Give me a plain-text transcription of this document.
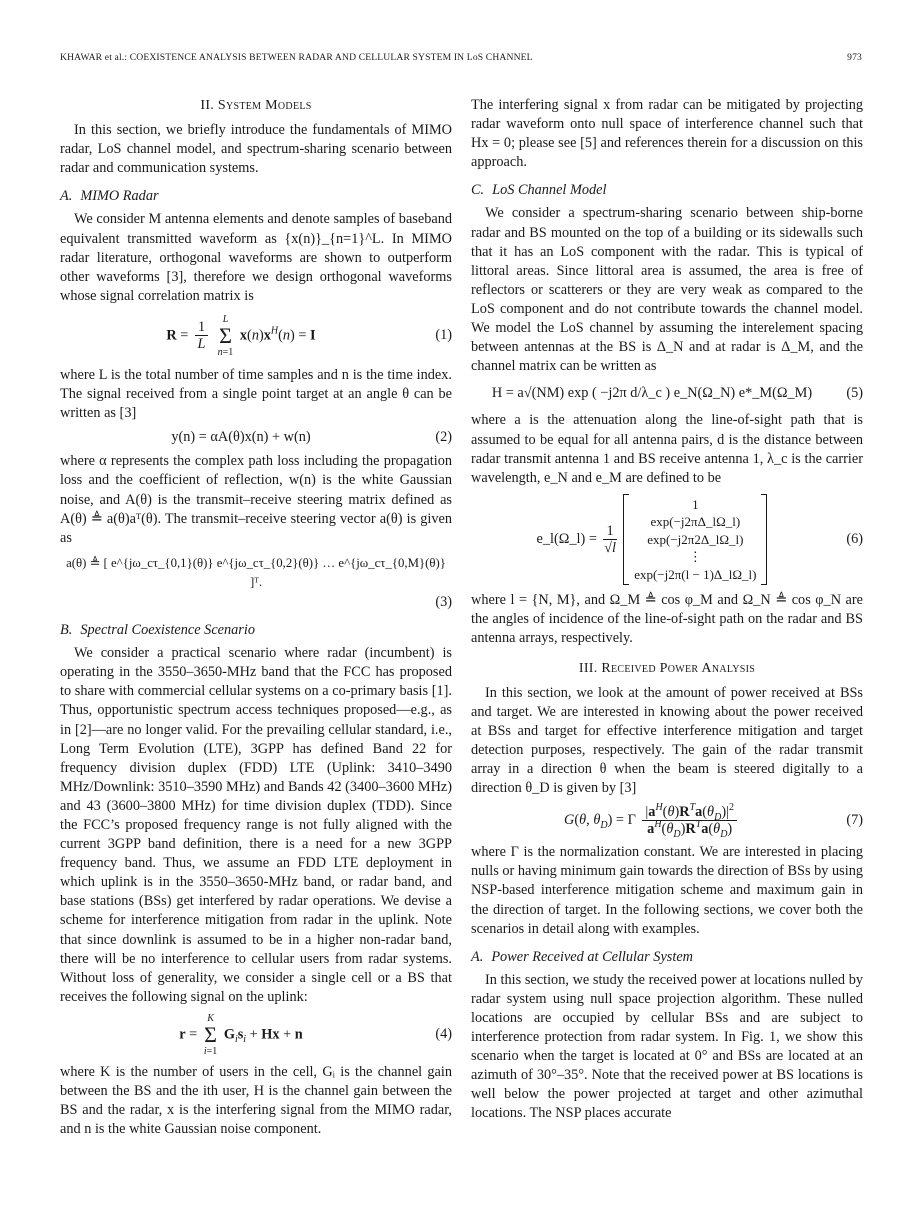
KHAWAR et al.: COEXISTENCE ANALYSIS BETWEEN RADAR AND CELLULAR SYSTEM IN LoS CHANNEL	973
II. System Models

In this section, we briefly introduce the fundamentals of MIMO radar, LoS channel model, and spectrum-sharing scenario between radar and communication systems.

A. MIMO Radar

We consider M antenna elements and denote samples of baseband equivalent transmitted waveform as {x(n)}_{n=1}^L. In MIMO radar literature, orthogonal waveforms are shown to outperform other waveforms [3], therefore we design orthogonal waveforms whose signal correlation matrix is

$R = \frac{1}{L}$
L
Σ
n=1
$x(n)x^H(n) = I$	(1)

where L is the total number of time samples and n is the time index. The signal received from a single point target at an angle θ can be written as [3]

y(n) = αA(θ)x(n) + w(n)	(2)

where α represents the complex path loss including the propagation loss and the coefficient of reflection, w(n) is the white Gaussian noise, and A(θ) is the transmit–receive steering matrix defined as A(θ) ≜ a(θ)aᵀ(θ). The transmit–receive steering vector a(θ) is given as

a(θ) ≜ [ e^{jω_cτ_{0,1}(θ)} e^{jω_cτ_{0,2}(θ)} … e^{jω_cτ_{0,M}(θ)} ]ᵀ.
(3)
B. Spectral Coexistence Scenario

We consider a practical scenario where radar (incumbent) is operating in the 3550–3650-MHz band that the FCC has proposed to share with commercial cellular systems on a co-primary basis [1]. Thus, opportunistic spectrum access techniques proposed—e.g., as in [2]—are no longer valid. For the prevailing cellular standard, i.e., Long Term Evolution (LTE), 3GPP has defined Band 22 for frequency division duplex (FDD) LTE (Uplink: 3410–3490 MHz/Downlink: 3510–3590 MHz) and Bands 42 (3400–3600 MHz) and 43 (3600–3800 MHz) for time division duplex (TDD). Since the FCC’s proposed frequency range is not fully aligned with the current 3GPP band definition, there is a need for a new 3GPP frequency band. Thus, we assume an FDD LTE deployment in which uplink is in the 3550–3650-MHz band, or radar band, and base stations (BSs) get interfered by radar operations. We devise a scheme for interference mitigation from radar in the uplink. Note that since downlink is assumed to be in a higher non-radar band, there will be no interference to cellular users from radar systems. Without loss of generality, we consider a single cell or a BS that receives the following signal on the uplink:

r =
K
Σ
i=1
$G_is_i + Hx + n$	(4)

where K is the number of users in the cell, Gᵢ is the channel gain between the BS and the ith user, H is the channel gain between the BS and the radar, x is the interfering signal from the MIMO radar, and n is the white Gaussian noise component.

The interfering signal x from radar can be mitigated by projecting radar waveform onto null space of interference channel such that Hx = 0; please see [5] and references therein for a discussion on this approach.

C. LoS Channel Model

We consider a spectrum-sharing scenario between ship-borne radar and BS mounted on the top of a building or its sidewalls such that it has an LoS component with the radar. This is typical of littoral areas. Since littoral area is assumed, the area is free of reflectors or scatterers or they are very weak as compared to the LoS component and do not contribute towards the channel model. We model the LoS channel by assuming the interelement spacing between antennas at the BS is Δ_N and at radar is Δ_M, and the channel matrix can be written as

H = a√(NM) exp ( −j2π d/λ_c ) e_N(Ω_N) e*_M(Ω_M)	(5)

where a is the attenuation along the line-of-sight path that is assumed to be equal for all antenna pairs, d is the distance between radar transmit antenna 1 and BS receive antenna 1, λ_c is the carrier wavelength, e_N and e_M are defined to be

e_l(Ω_l) = $\frac{1}{√l}$

1
exp(−j2πΔ_lΩ_l)
exp(−j2π2Δ_lΩ_l)
⋮
exp(−j2π(l − 1)Δ_lΩ_l)
(6)

where l = {N, M}, and Ω_M ≜ cos φ_M and Ω_N ≜ cos φ_N are the angles of incidence of the line-of-sight path on the radar and BS antenna arrays, respectively.

III. Received Power Analysis

In this section, we look at the amount of power received at BSs and target. We are interested in knowing about the power received at BSs and target for effective interference mitigation and target detection purposes, respectively. The gain of the radar transmit array in a direction θ when the beam is steered digitally to a direction θ_D is given by [3]

G(θ, $\theta_D) = \Gamma \frac{|a^H(\theta)R^Ta(\theta_D)|^2}{a^H(\theta_D)R^Ta(\theta_D)}$	(7)

where Γ is the normalization constant. We are interested in placing nulls or having minimum gain towards the direction of BSs by using NSP-based interference mitigation scheme and maximum gain in the direction of target. In the following sections, we cover both the scenarios in detail along with examples.

A. Power Received at Cellular System

In this section, we study the received power at locations nulled by radar system using null space projection algorithm. These nulled locations are occupied by cellular BSs and are subject to interference protection from radar system. In Fig. 1, we show this scenario when the target is located at 0° and BSs are located at an azimuth of 30°–35°. Note that the received power at BS locations is well below the power projected at target and other azimuthal locations. The NSP places accurate
